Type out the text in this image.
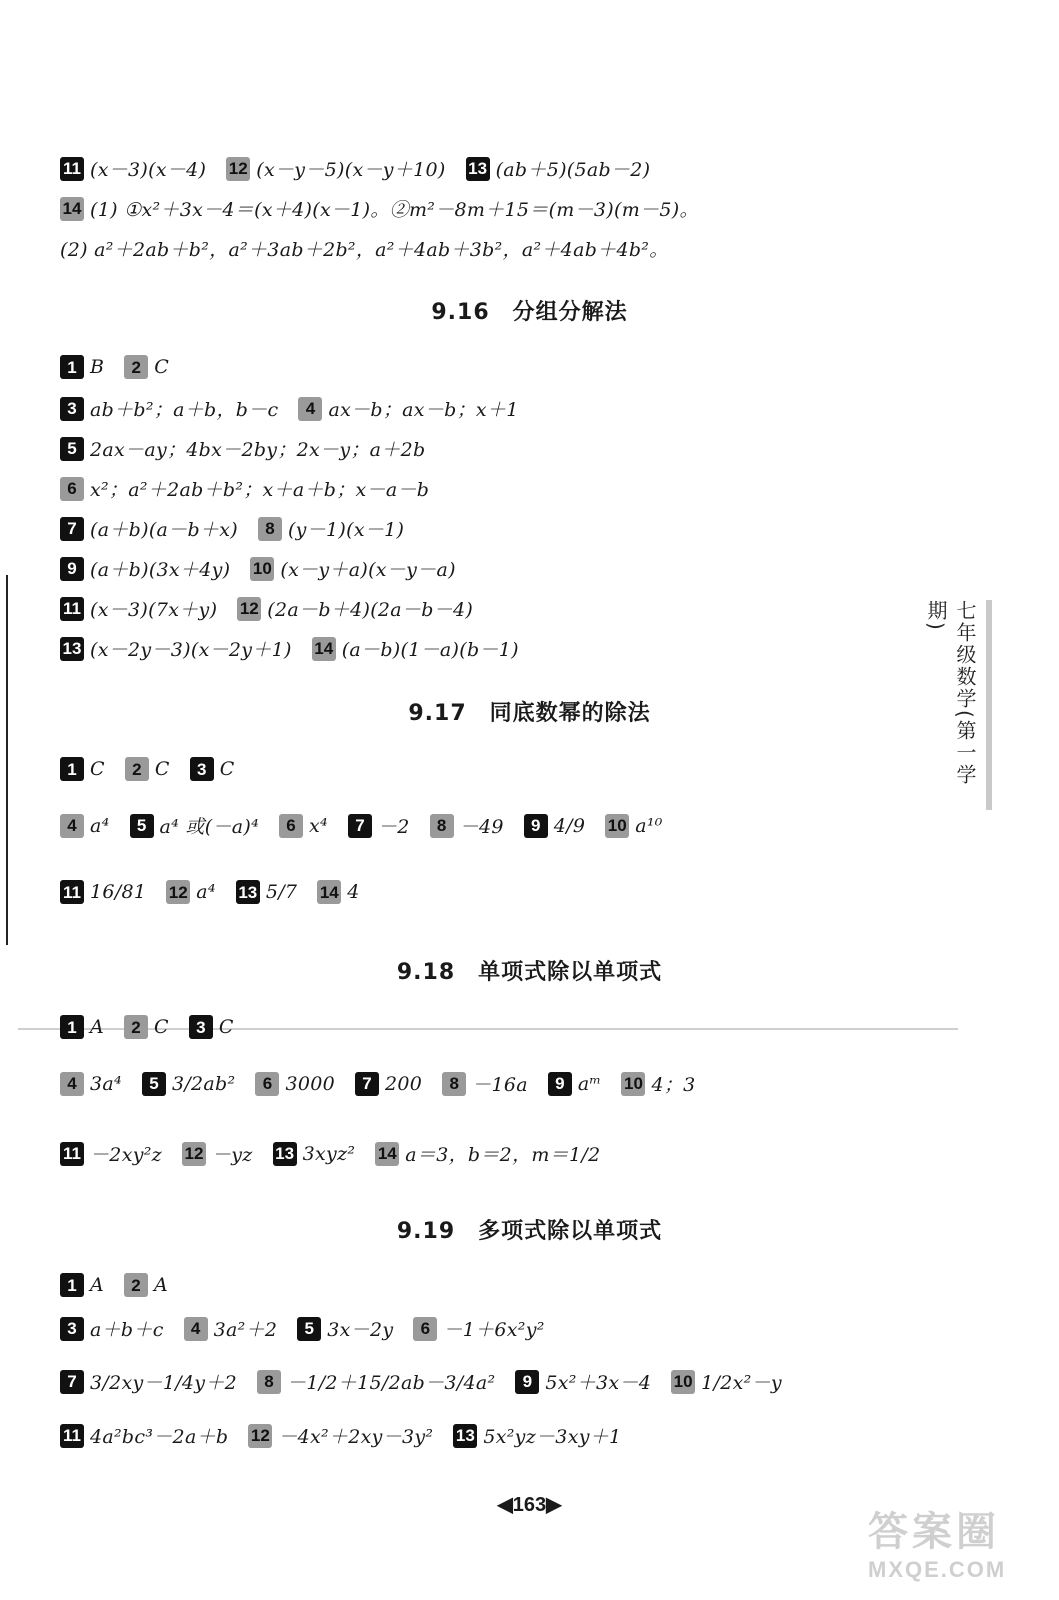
七年级数学(第一学期)
◀163▶
答案圈
MXQE.COM
11 (x－3)(x－4) 12 (x－y－5)(x－y＋10) 13 (ab＋5)(5ab－2)
14 (1) ①x²＋3x－4＝(x＋4)(x－1)。②m²－8m＋15＝(m－3)(m－5)。
(2) a²＋2ab＋b²，a²＋3ab＋2b²，a²＋4ab＋3b²，a²＋4ab＋4b²。
9.16　分组分解法
1 B	2 C
3 ab＋b²；a＋b，b－c	4 ax－b；ax－b；x＋1
5 2ax－ay；4bx－2by；2x－y；a＋2b
6 x²；a²＋2ab＋b²；x＋a＋b；x－a－b
7 (a＋b)(a－b＋x)	8 (y－1)(x－1)
9 (a＋b)(3x＋4y) 10 (x－y＋a)(x－y－a)
11 (x－3)(7x＋y) 12 (2a－b＋4)(2a－b－4)
13 (x－2y－3)(x－2y＋1) 14 (a－b)(1－a)(b－1)
9.17　同底数幂的除法
1 C	2 C	3 C
4 a⁴	5 a⁴ 或(－a)⁴	6 x⁴	7 －2	8 －49	9 4/9 10 a¹⁰
11 16/81 12 a⁴ 13 5/7 14 4
9.18　单项式除以单项式
1 A	2 C	3 C
4 3a⁴	5 3/2ab²	6 3000	7 200	8 －16a	9 aᵐ 10 4；3
11 －2xy²z 12 －yz 13 3xyz² 14 a＝3，b＝2，m＝1/2
9.19　多项式除以单项式
1 A	2 A
3 a＋b＋c	4 3a²＋2	5 3x－2y	6 －1＋6x²y²
7 3/2xy－1/4y＋2	8 －1/2＋15/2ab－3/4a²	9 5x²＋3x－4 10 1/2x²－y
11 4a²bc³－2a＋b 12 －4x²＋2xy－3y² 13 5x²yz－3xy＋1
